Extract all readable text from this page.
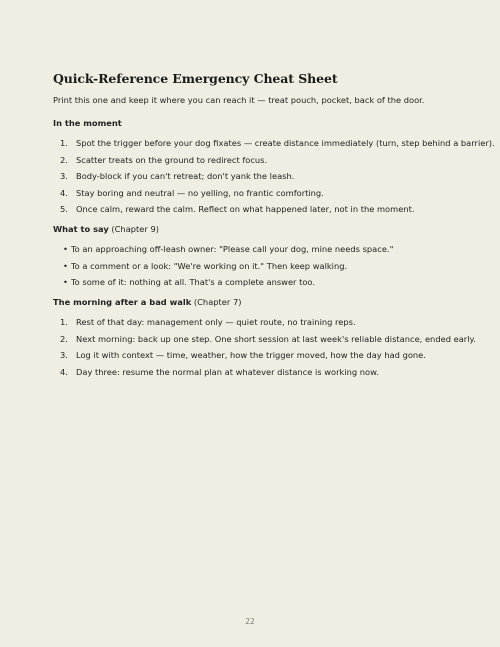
Quick-Reference Emergency Cheat Sheet

Print this one and keep it where you can reach it — treat pouch, pocket, back of the door.

In the moment
1. Spot the trigger before your dog fixates — create distance immediately (turn, step behind a barrier).
2. Scatter treats on the ground to redirect focus.
3. Body-block if you can't retreat; don't yank the leash.
4. Stay boring and neutral — no yelling, no frantic comforting.
5. Once calm, reward the calm. Reflect on what happened later, not in the moment.
What to say (Chapter 9)
• To an approaching off-leash owner: "Please call your dog, mine needs space."
• To a comment or a look: "We're working on it." Then keep walking.
• To some of it: nothing at all. That's a complete answer too.
The morning after a bad walk (Chapter 7)
1. Rest of that day: management only — quiet route, no training reps.
2. Next morning: back up one step. One short session at last week's reliable distance, ended early.
3. Log it with context — time, weather, how the trigger moved, how the day had gone.
4. Day three: resume the normal plan at whatever distance is working now.
22
